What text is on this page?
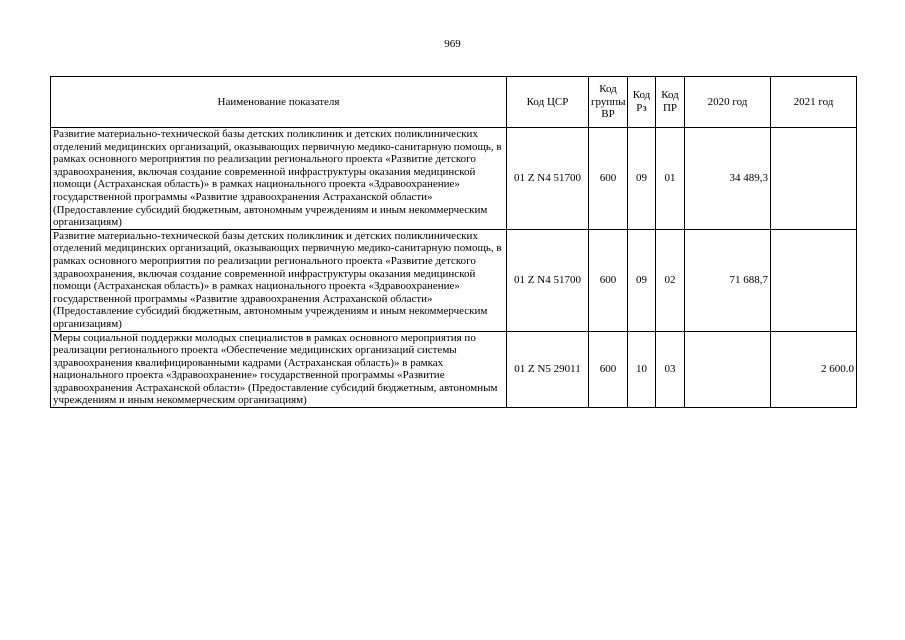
969
Наименование показателя	Код ЦСР	Код группы ВР	Код Рз	Код ПР	2020 год	2021 год
Развитие материально-технической базы детских поликлиник и детских поликлинических отделений медицинских организаций, оказывающих первичную медико-санитарную помощь, в рамках основного мероприятия по реализации регионального проекта «Развитие детского здравоохранения, включая создание современной инфраструктуры оказания медицинской помощи (Астраханская область)» в рамках национального проекта «Здравоохранение» государственной программы «Развитие здравоохранения Астраханской области» (Предоставление субсидий бюджетным, автономным учреждениям и иным некоммерческим организациям)	01 Z N4 51700	600	09	01	34 489,3	
Развитие материально-технической базы детских поликлиник и детских поликлинических отделений медицинских организаций, оказывающих первичную медико-санитарную помощь, в рамках основного мероприятия по реализации регионального проекта «Развитие детского здравоохранения, включая создание современной инфраструктуры оказания медицинской помощи (Астраханская область)» в рамках национального проекта «Здравоохранение» государственной программы «Развитие здравоохранения Астраханской области» (Предоставление субсидий бюджетным, автономным учреждениям и иным некоммерческим организациям)	01 Z N4 51700	600	09	02	71 688,7	
Меры социальной поддержки молодых специалистов в рамках основного мероприятия по реализации регионального проекта «Обеспечение медицинских организаций системы здравоохранения квалифицированными кадрами (Астраханская область)» в рамках национального проекта «Здравоохранение» государственной программы «Развитие здравоохранения Астраханской области» (Предоставление субсидий бюджетным, автономным учреждениям и иным некоммерческим организациям)	01 Z N5 29011	600	10	03		2 600.0
